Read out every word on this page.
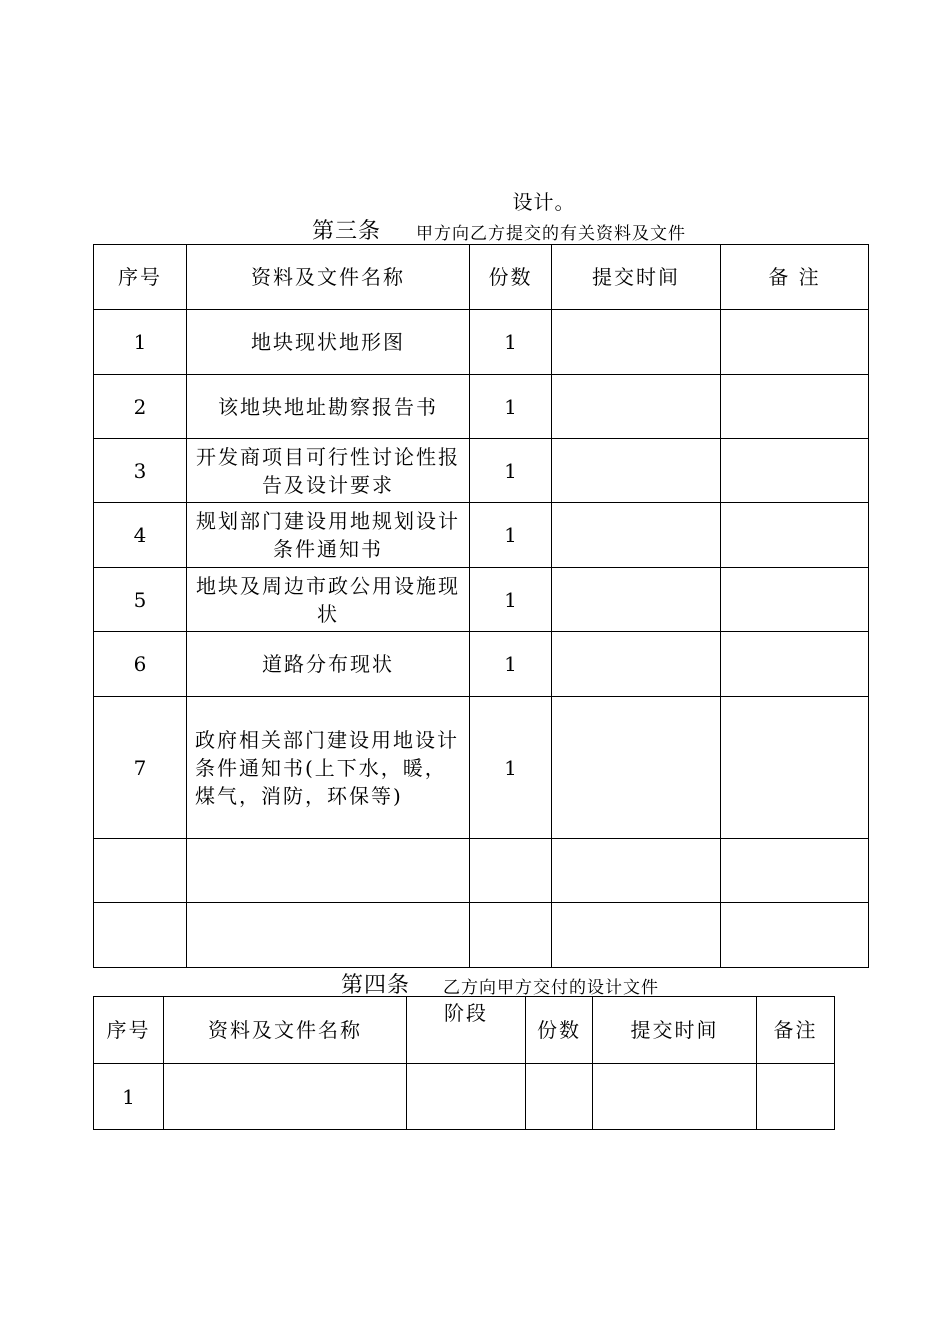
设计。
第三条 甲方向乙方提交的有关资料及文件
序号	资料及文件名称	份数	提交时间	备 注
1	地块现状地形图	1		
2	该地块地址勘察报告书	1		
3	开发商项目可行性讨论性报告及设计要求	1		
4	规划部门建设用地规划设计条件通知书	1		
5	地块及周边市政公用设施现状	1		
6	道路分布现状	1		
7	政府相关部门建设用地设计条件通知书(上下水，暖，煤气，消防，环保等)	1		

第四条 乙方向甲方交付的设计文件
序号	资料及文件名称	阶段	份数	提交时间	备注
1					
